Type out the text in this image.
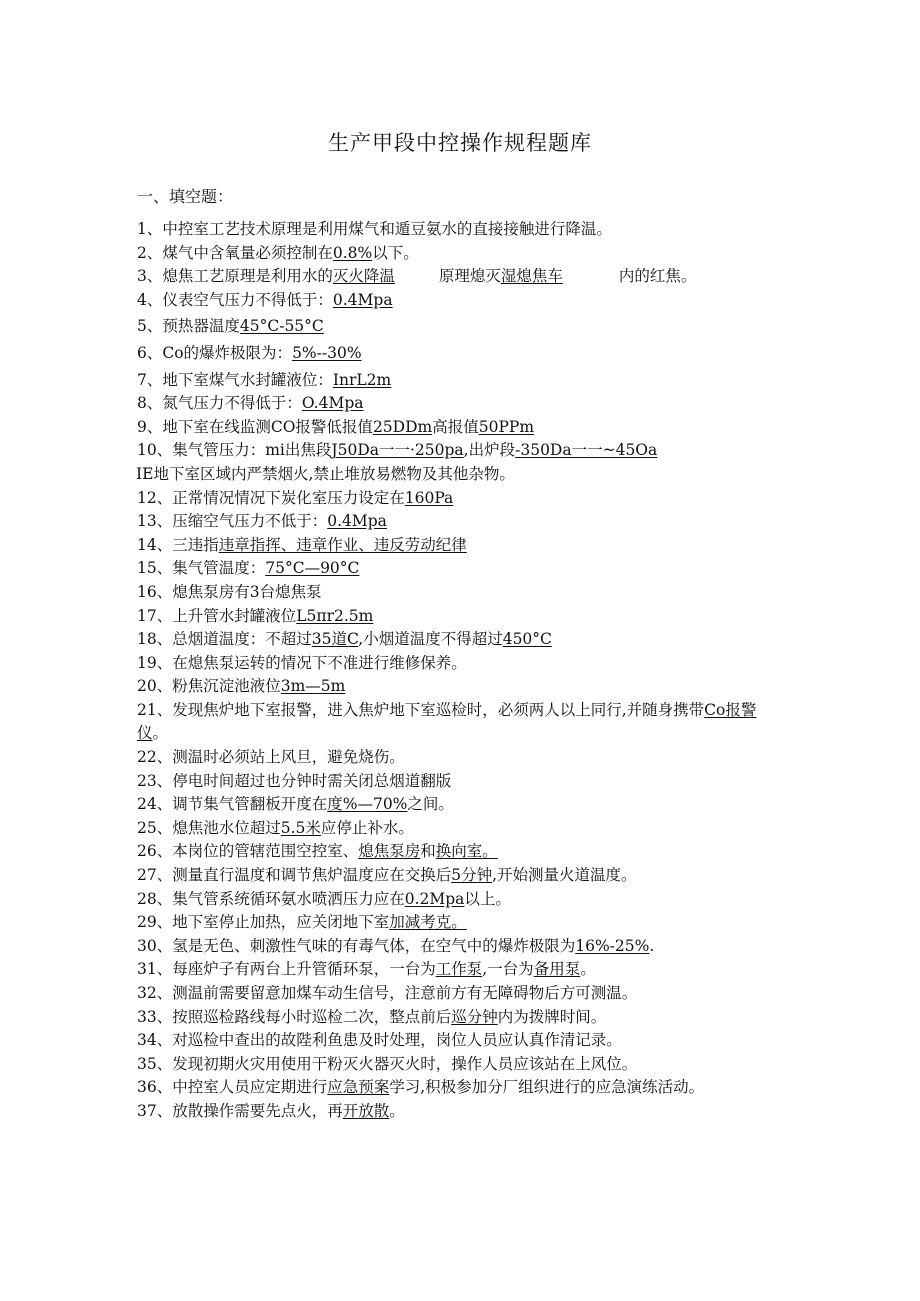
生产甲段中控操作规程题库
一、填空题：
1、中控室工艺技术原理是利用煤气和遁豆氨水的直接接触进行降温。
2、煤气中含氧量必须控制在0.8%以下。
3、熄焦工艺原理是利用水的灭火降温	原理熄灭湿熄焦车	内的红焦。
4、仪表空气压力不得低于：0.4Mpa
5、预热器温度45°C-55°C
6、Co的爆炸极限为：5%--30%
7、地下室煤气水封罐液位：InrL2m
8、氮气压力不得低于：O.4Mpa
9、地下室在线监测CO报警低报值25DDm高报值50PPm
10、集气管压力：mi出焦段J50Da一一·250pa,出炉段-350Da一一~45Oa
IE地下室区域内严禁烟火,禁止堆放易燃物及其他杂物。
12、正常情况情况下炭化室压力设定在160Pa
13、压缩空气压力不低于：0.4Mpa
14、三违指违章指挥、违章作业、违反劳动纪律
15、集气管温度：75°C—90°C
16、熄焦泵房有3台熄焦泵
17、上升管水封罐液位L5πr2.5m
18、总烟道温度：不超过35道C,小烟道温度不得超过450°C
19、在熄焦泵运转的情况下不准进行维修保养。
20、粉焦沉淀池液位3m—5m
21、发现焦炉地下室报警，进入焦炉地下室巡检时，必须两人以上同行,并随身携带Co报警仪。
22、测温时必须站上风旦，避免烧伤。
23、停电时间超过也分钟时需关闭总烟道翻版
24、调节集气管翻板开度在度%—70%之间。
25、熄焦池水位超过5.5米应停止补水。
26、本岗位的管辖范围空控室、熄焦泵房和换向室。
27、测量直行温度和调节焦炉温度应在交换后5分钟,开始测量火道温度。
28、集气管系统循环氨水喷洒压力应在0.2Mpa以上。
29、地下室停止加热，应关闭地下室加减考克。
30、氢是无色、刺激性气味的有毒气体，在空气中的爆炸极限为16%-25%.
31、每座炉子有两台上升管循环泵，一台为工作泵,一台为备用泵。
32、测温前需要留意加煤车动生信号，注意前方有无障碍物后方可测温。
33、按照巡检路线每小时巡检二次，整点前后巡分钟内为拨牌时间。
34、对巡检中查出的故陛利鱼患及时处理，岗位人员应认真作清记录。
35、发现初期火灾用使用干粉灭火器灭火时，操作人员应该站在上风位。
36、中控室人员应定期进行应急预案学习,积极参加分厂组织进行的应急演练活动。
37、放散操作需要先点火，再开放散。
